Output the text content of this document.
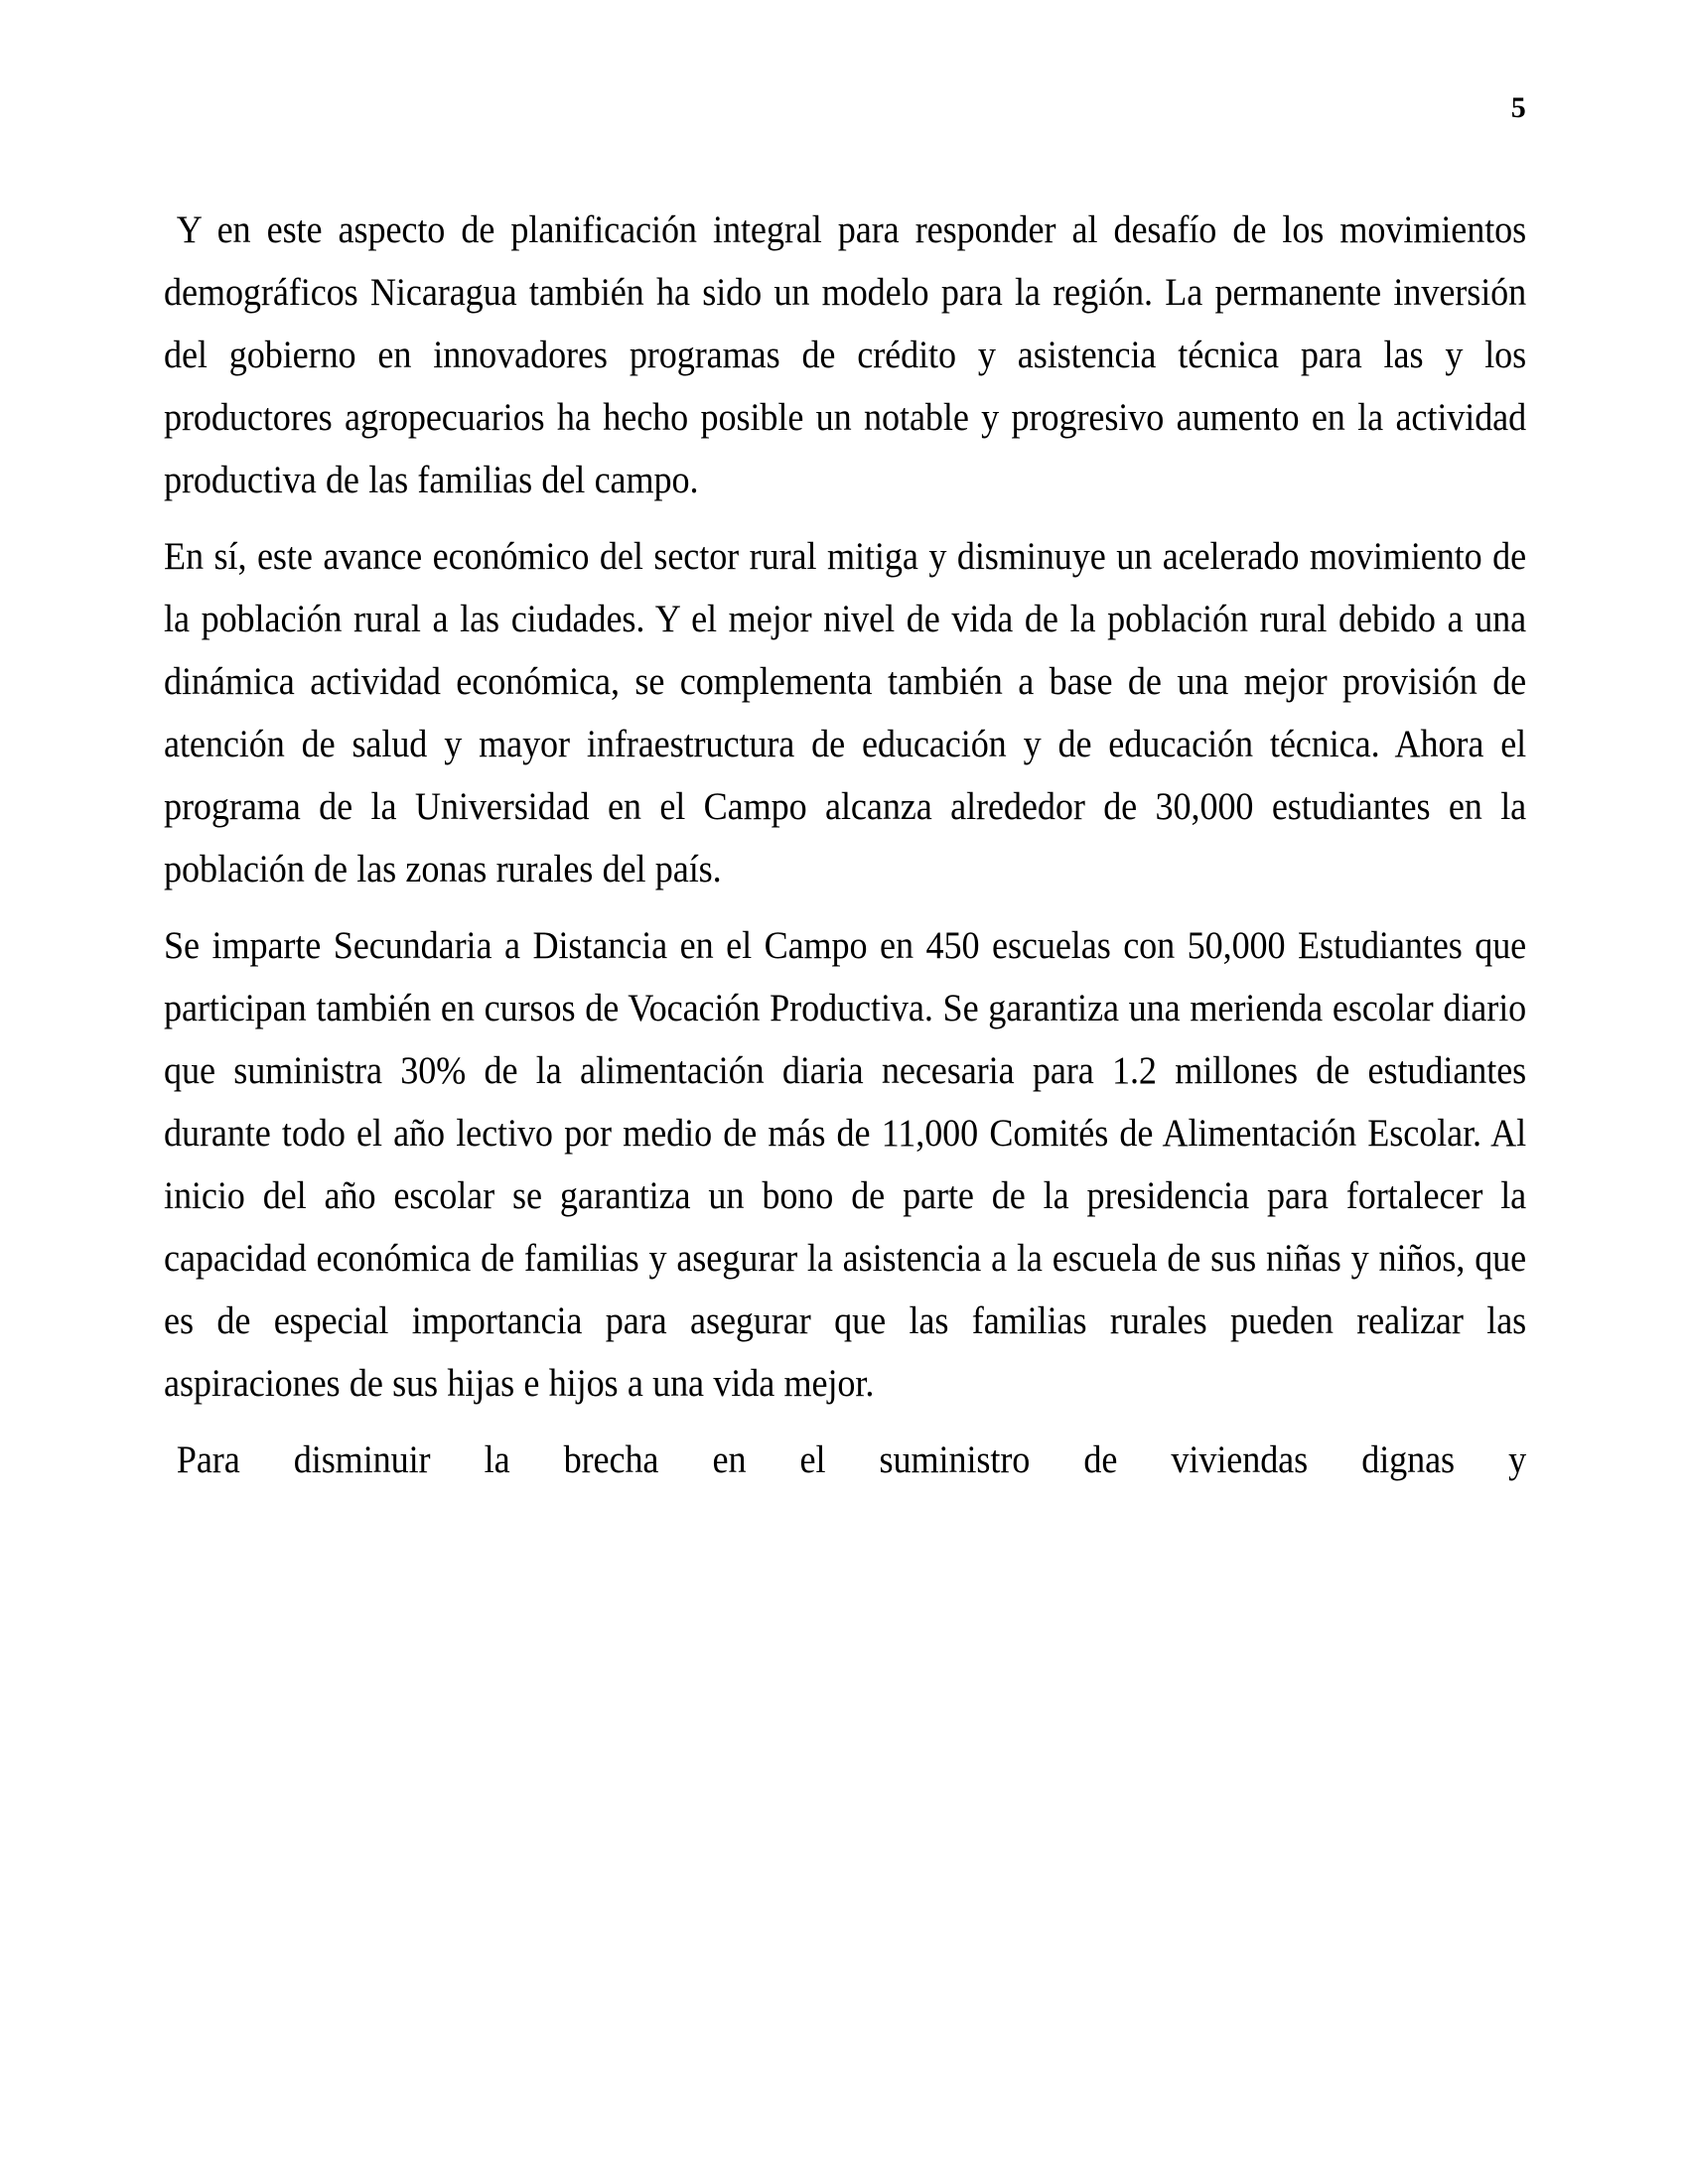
5

Y en este aspecto de planificación integral para responder al desafío de los movimientos demográficos Nicaragua también ha sido un modelo para la región. La permanente inversión del gobierno en innovadores programas de crédito y asistencia técnica para las y los productores agropecuarios ha hecho posible un notable y progresivo aumento en la actividad productiva de las familias del campo.

En sí, este avance económico del sector rural mitiga y disminuye un acelerado movimiento de la población rural a las ciudades. Y el mejor nivel de vida de la población rural debido a una dinámica actividad económica, se complementa también a base de una mejor provisión de atención de salud y mayor infraestructura de educación y de educación técnica. Ahora el programa de la Universidad en el Campo alcanza alrededor de 30,000 estudiantes en la población de las zonas rurales del país.

Se imparte Secundaria a Distancia en el Campo en 450 escuelas con 50,000 Estudiantes que participan también en cursos de Vocación Productiva. Se garantiza una merienda escolar diario que suministra 30% de la alimentación diaria necesaria para 1.2 millones de estudiantes durante todo el año lectivo por medio de más de 11,000 Comités de Alimentación Escolar. Al inicio del año escolar se garantiza un bono de parte de la presidencia para fortalecer la capacidad económica de familias y asegurar la asistencia a la escuela de sus niñas y niños, que es de especial importancia para asegurar que las familias rurales pueden realizar las aspiraciones de sus hijas e hijos a una vida mejor.

Para disminuir la brecha en el suministro de viviendas dignas y
